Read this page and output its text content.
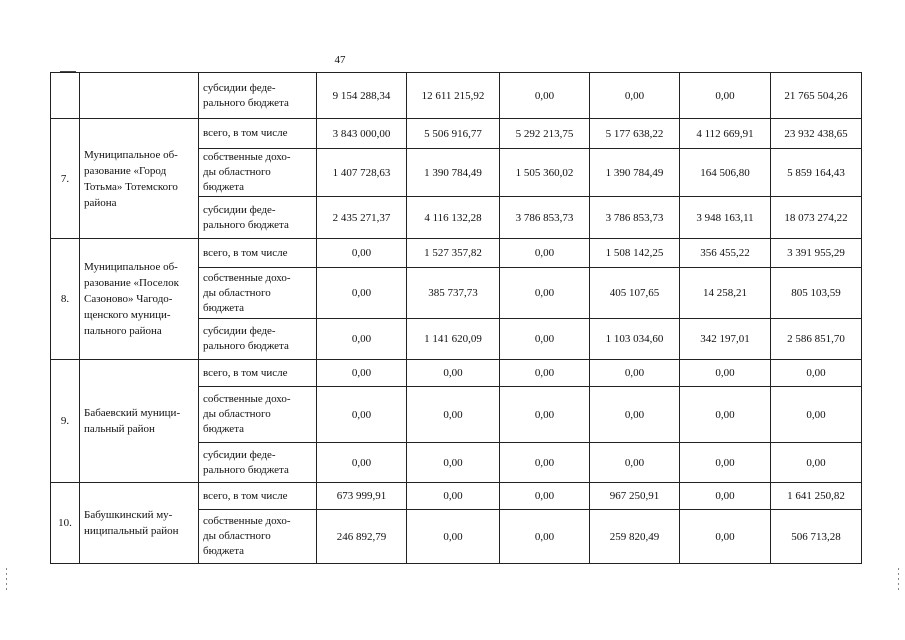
47
		субсидии феде-
рального бюджета	9 154 288,34	12 611 215,92	0,00	0,00	0,00	21 765 504,26
7.	Муниципальное об-
разование «Город
Тотьма» Тотемского
района	всего, в том числе	3 843 000,00	5 506 916,77	5 292 213,75	5 177 638,22	4 112 669,91	23 932 438,65
		собственные дохо-
ды областного
бюджета	1 407 728,63	1 390 784,49	1 505 360,02	1 390 784,49	164 506,80	5 859 164,43
		субсидии феде-
рального бюджета	2 435 271,37	4 116 132,28	3 786 853,73	3 786 853,73	3 948 163,11	18 073 274,22
8.	Муниципальное об-
разование «Поселок
Сазоново» Чагодо-
щенского муници-
пального района	всего, в том числе	0,00	1 527 357,82	0,00	1 508 142,25	356 455,22	3 391 955,29
		собственные дохо-
ды областного
бюджета	0,00	385 737,73	0,00	405 107,65	14 258,21	805 103,59
		субсидии феде-
рального бюджета	0,00	1 141 620,09	0,00	1 103 034,60	342 197,01	2 586 851,70
9.	Бабаевский муници-
пальный район	всего, в том числе	0,00	0,00	0,00	0,00	0,00	0,00
		собственные дохо-
ды областного
бюджета	0,00	0,00	0,00	0,00	0,00	0,00
		субсидии феде-
рального бюджета	0,00	0,00	0,00	0,00	0,00	0,00
10.	Бабушкинский му-
ниципальный район	всего, в том числе	673 999,91	0,00	0,00	967 250,91	0,00	1 641 250,82
		собственные дохо-
ды областного
бюджета	246 892,79	0,00	0,00	259 820,49	0,00	506 713,28
